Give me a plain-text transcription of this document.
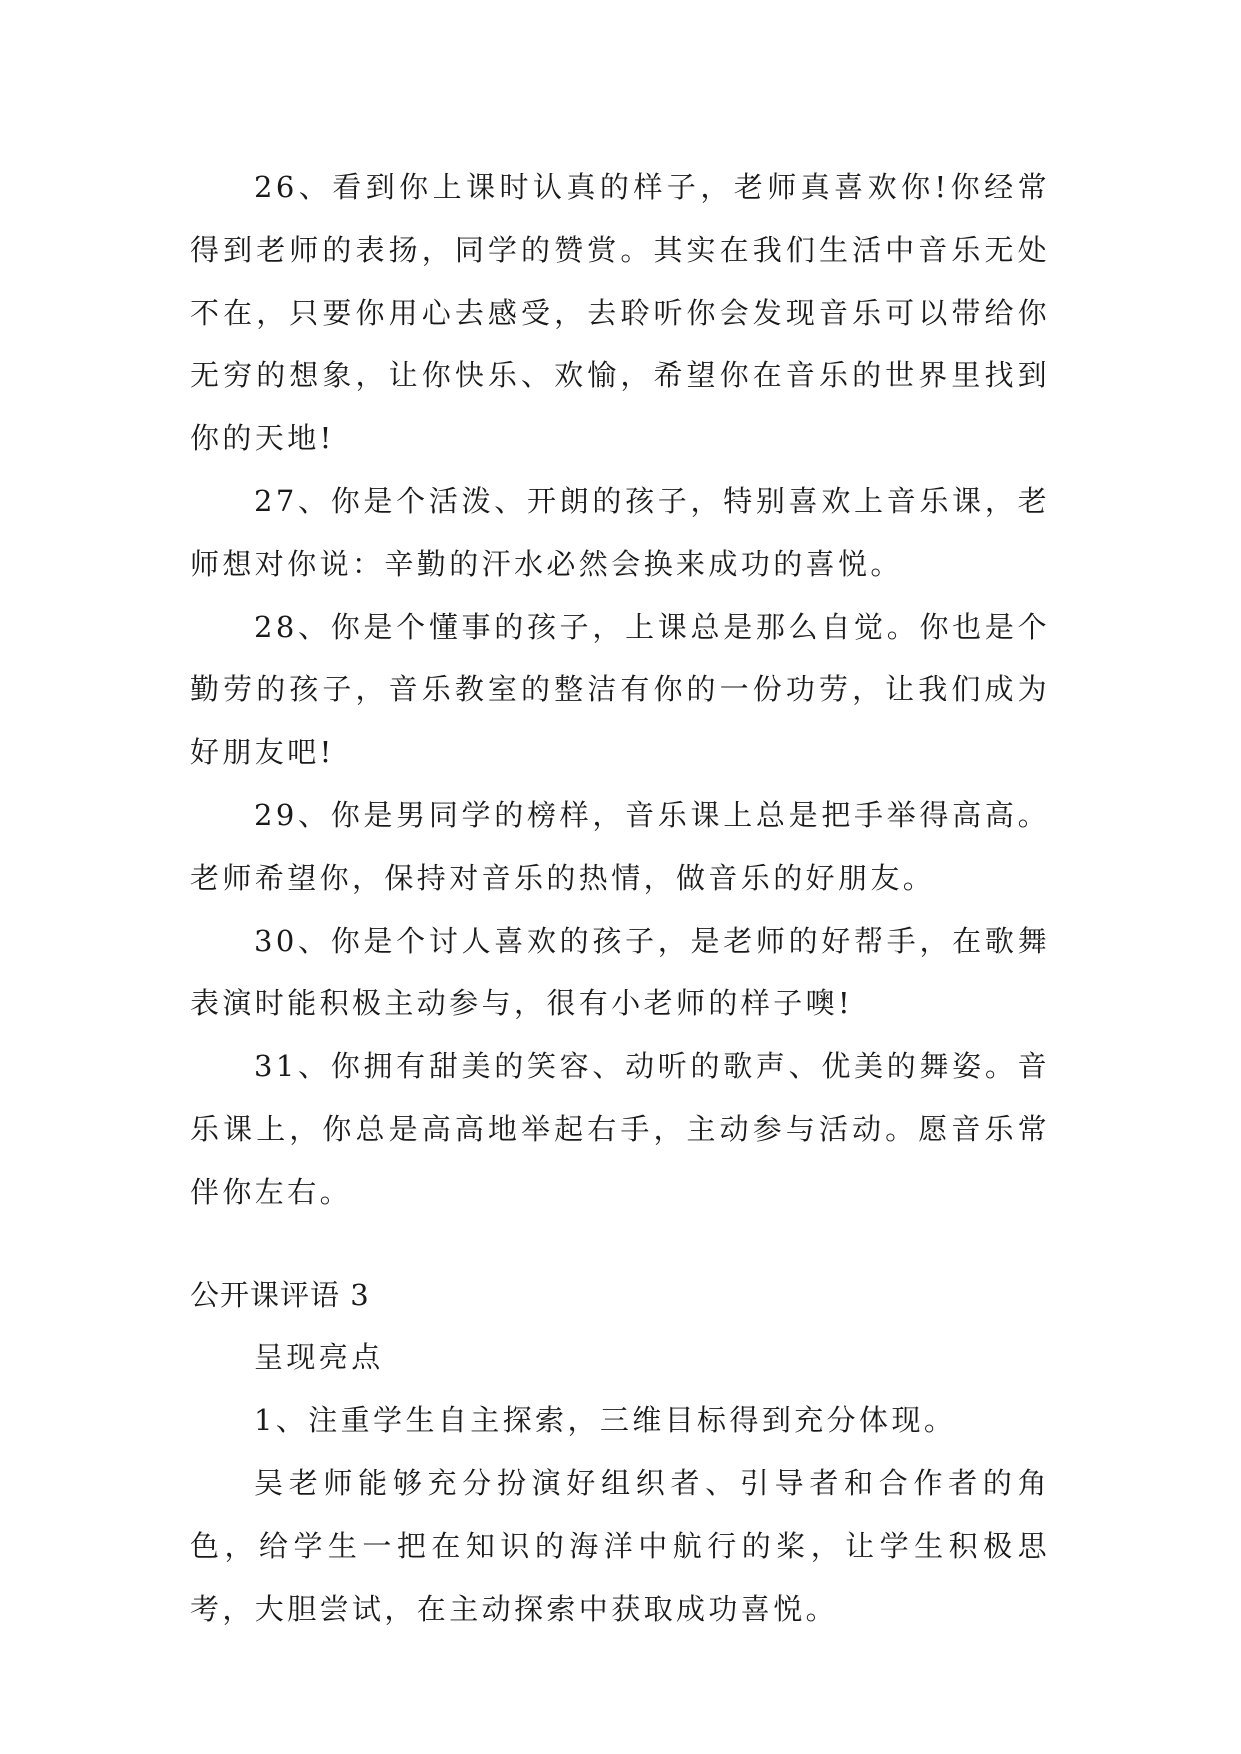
26、看到你上课时认真的样子，老师真喜欢你!你经常得到老师的表扬，同学的赞赏。其实在我们生活中音乐无处不在，只要你用心去感受，去聆听你会发现音乐可以带给你无穷的想象，让你快乐、欢愉，希望你在音乐的世界里找到你的天地!

27、你是个活泼、开朗的孩子，特别喜欢上音乐课，老师想对你说：辛勤的汗水必然会换来成功的喜悦。

28、你是个懂事的孩子，上课总是那么自觉。你也是个勤劳的孩子，音乐教室的整洁有你的一份功劳，让我们成为好朋友吧!

29、你是男同学的榜样，音乐课上总是把手举得高高。老师希望你，保持对音乐的热情，做音乐的好朋友。

30、你是个讨人喜欢的孩子，是老师的好帮手，在歌舞表演时能积极主动参与，很有小老师的样子噢!

31、你拥有甜美的笑容、动听的歌声、优美的舞姿。音乐课上，你总是高高地举起右手，主动参与活动。愿音乐常伴你左右。

公开课评语 3

呈现亮点

1、注重学生自主探索，三维目标得到充分体现。

吴老师能够充分扮演好组织者、引导者和合作者的角色，给学生一把在知识的海洋中航行的桨，让学生积极思考，大胆尝试，在主动探索中获取成功喜悦。
